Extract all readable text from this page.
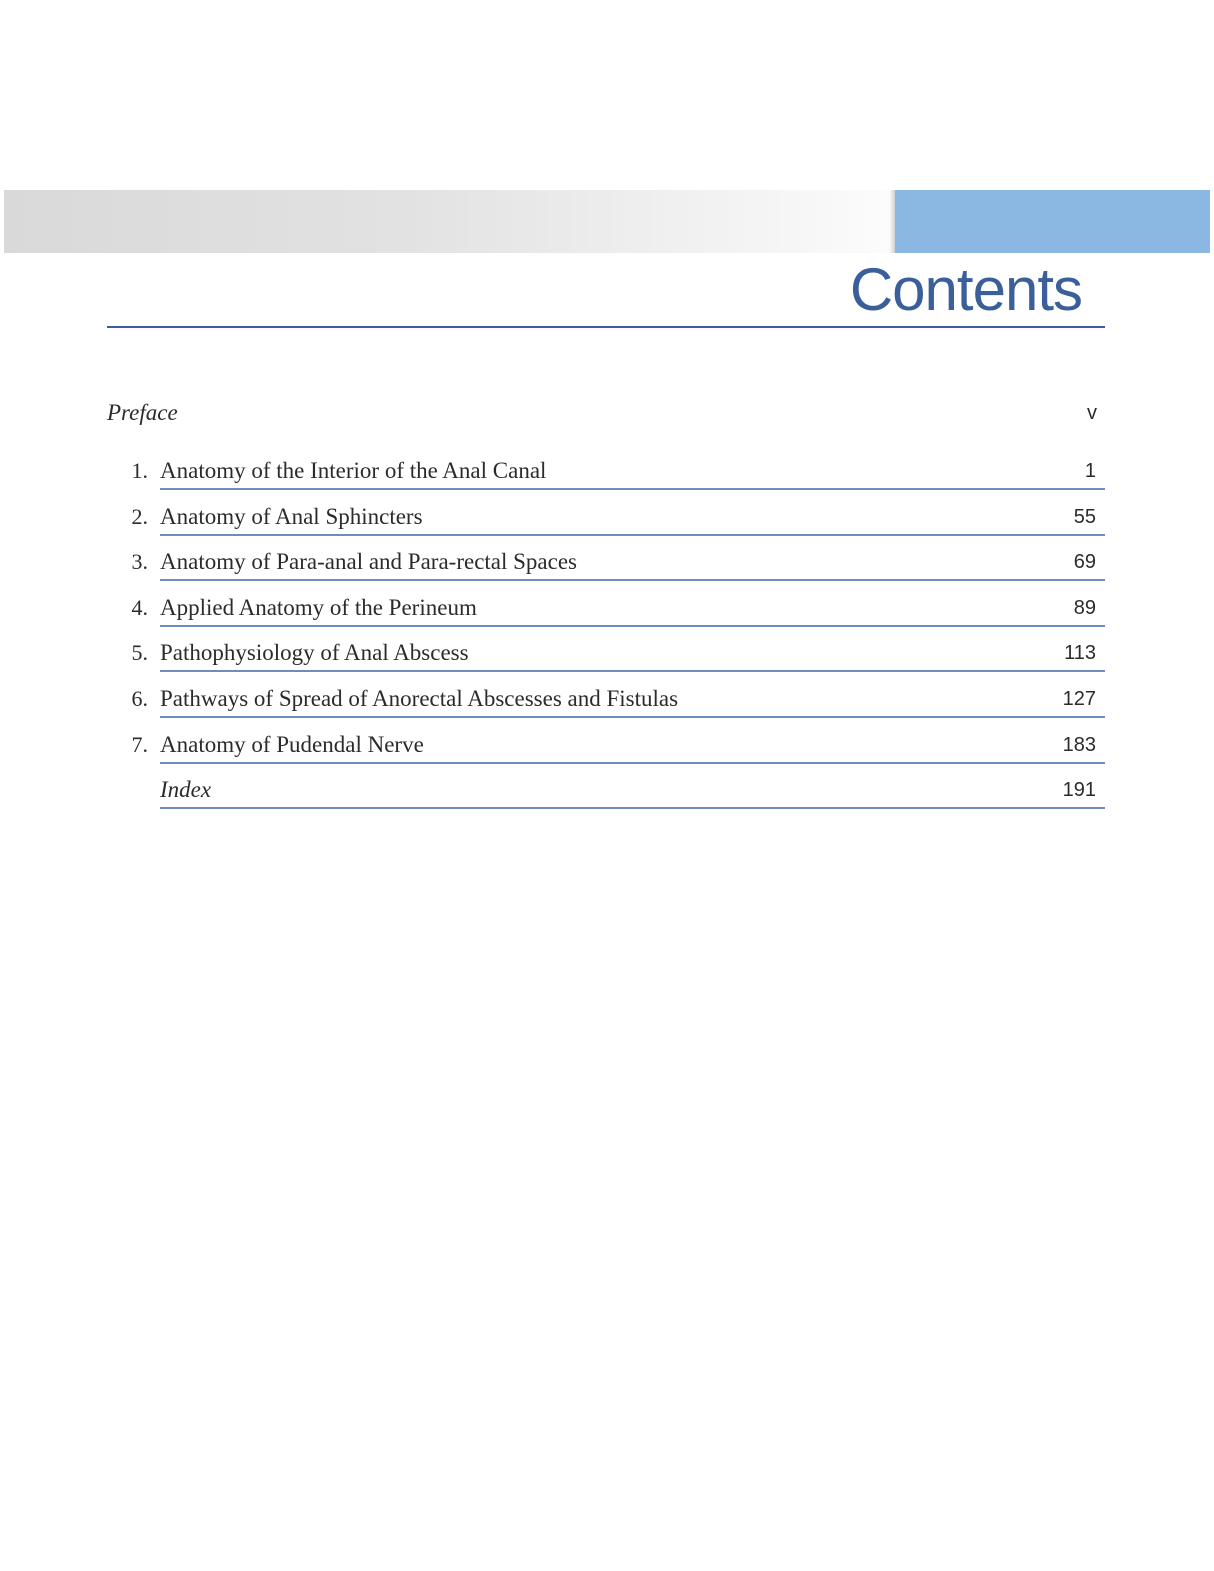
Contents
Preface	v
1. Anatomy of the Interior of the Anal Canal	1
2. Anatomy of Anal Sphincters	55
3. Anatomy of Para-anal and Para-rectal Spaces	69
4. Applied Anatomy of the Perineum	89
5. Pathophysiology of Anal Abscess	113
6. Pathways of Spread of Anorectal Abscesses and Fistulas	127
7. Anatomy of Pudendal Nerve	183
Index	191
